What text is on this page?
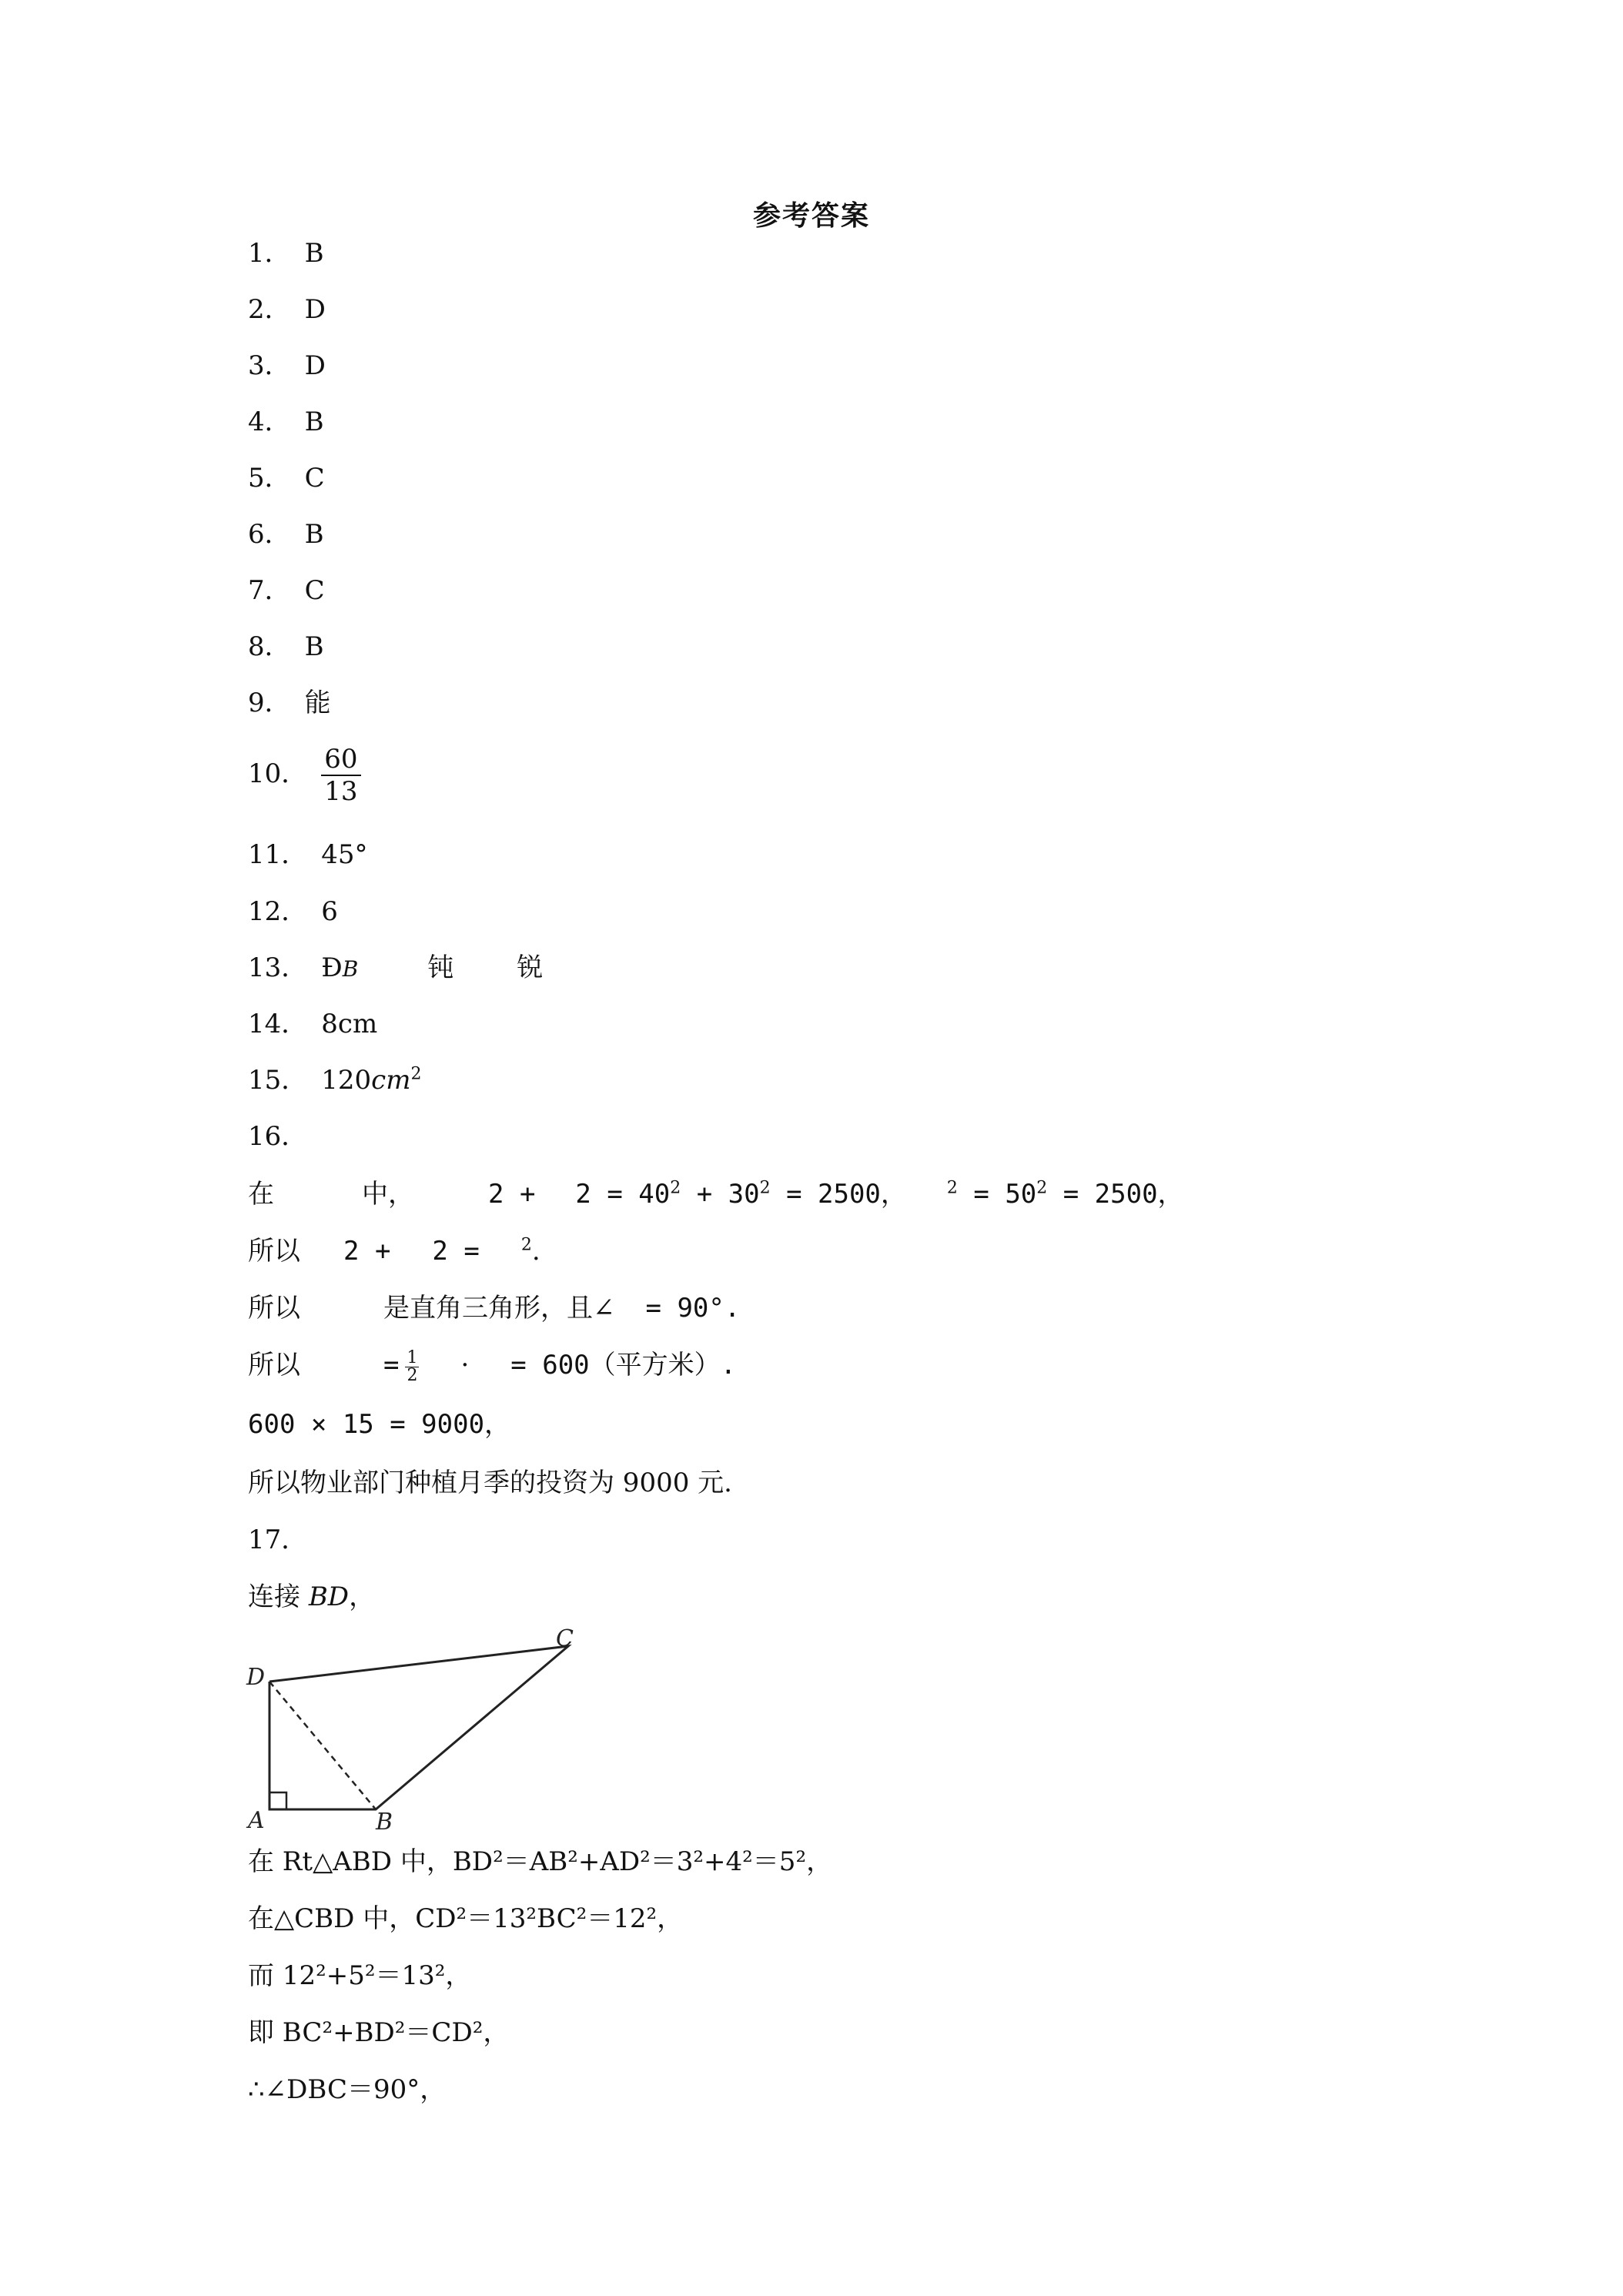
参考答案
1． B
2． D
3． D
4． B
5． C
6． B
7． C
8． B
9． 能
10． $\frac{60}{13}$
11． 45°
12． 6
13． ĐB	钝 锐
14． 8cm
15． $120cm^2$
16．
在	中，	$2 + 2 = 40^2 + 30^2 = 2500$， $^2 = 50^2 = 2500$，
所以 2 + 2 = $^2$.
所以	是直角三角形，且∠ = 90°.
所以	= $\frac{1}{2}$ · = 600（平方米）.
600 × 15 = 9000，
所以物业部门种植月季的投资为 9000 元.
17．
连接 BD，
D
C
A	B
在 Rt△ABD 中，BD²＝AB²+AD²＝3²+4²＝5²，
在△CBD 中，CD²＝13²BC²＝12²，
而 12²+5²＝13²，
即 BC²+BD²＝CD²，
∴∠DBC＝90°，
